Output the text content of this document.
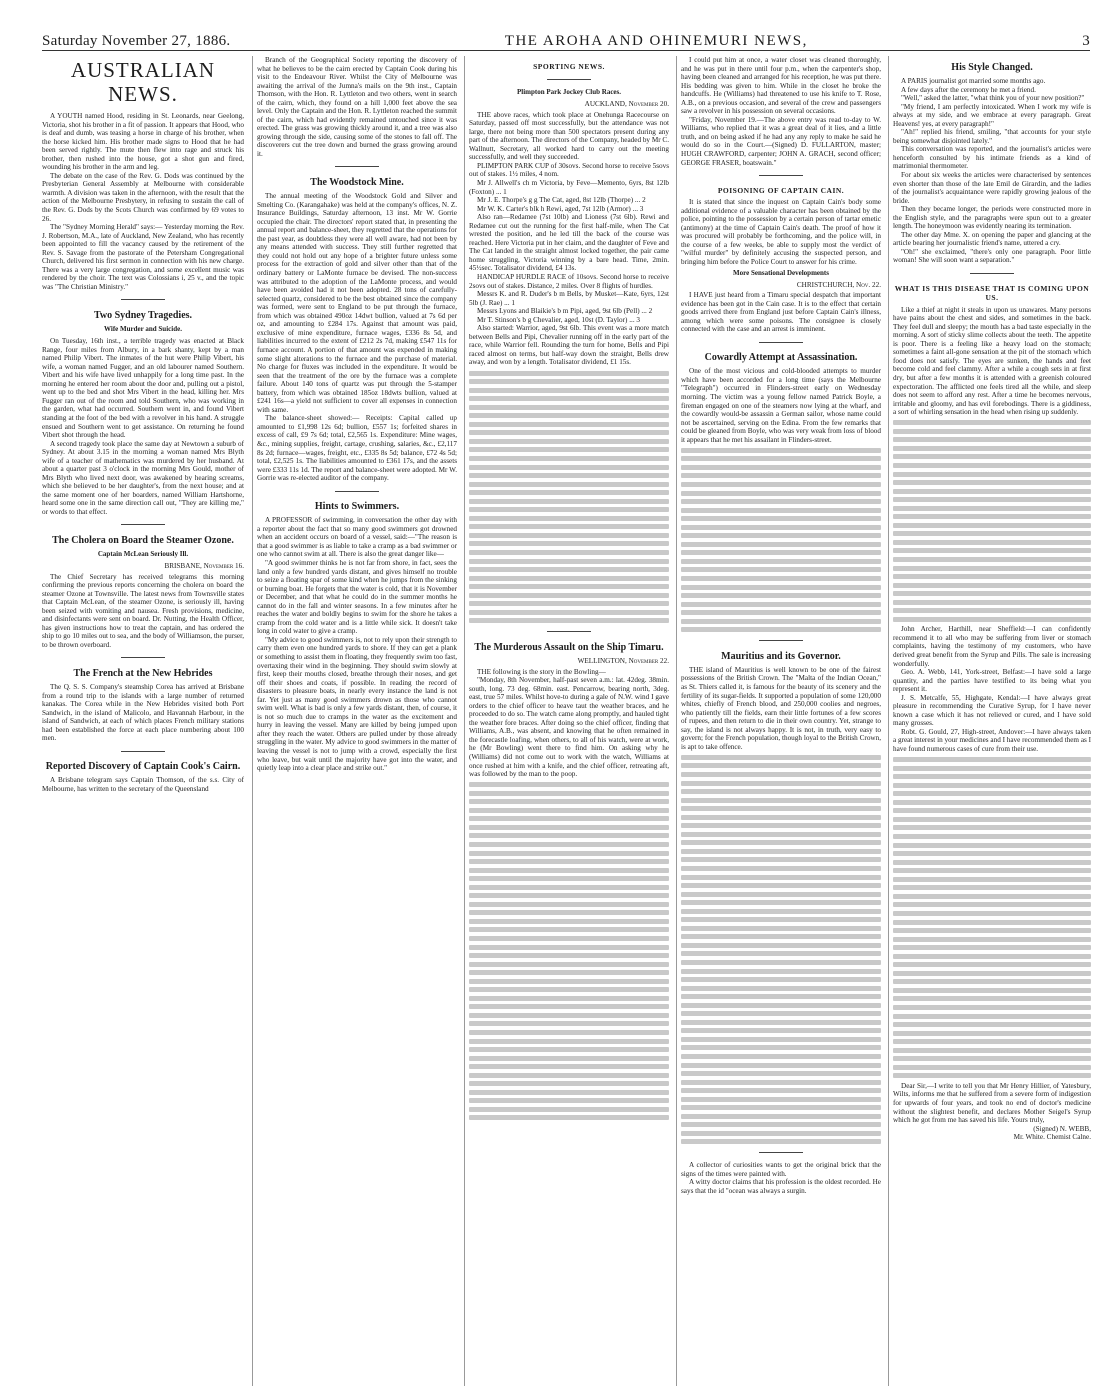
Saturday November 27, 1886.	THE AROHA AND OHINEMURI NEWS,	3
AUSTRALIAN NEWS.

A YOUTH named Hood, residing in St. Leonards, near Geelong, Victoria, shot his brother in a fit of passion. It appears that Hood, who is deaf and dumb, was teasing a horse in charge of his brother, when the horse kicked him. His brother made signs to Hood that he had been served rightly. The mute then flew into rage and struck his brother, then rushed into the house, got a shot gun and fired, wounding his brother in the arm and leg.

The debate on the case of the Rev. G. Dods was continued by the Presbyterian General Assembly at Melbourne with considerable warmth. A division was taken in the afternoon, with the result that the action of the Melbourne Presbytery, in refusing to sustain the call of the Rev. G. Dods by the Scots Church was confirmed by 69 votes to 26.

The "Sydney Morning Herald" says:— Yesterday morning the Rev. J. Robertson, M.A., late of Auckland, New Zealand, who has recently been appointed to fill the vacancy caused by the retirement of the Rev. S. Savage from the pastorate of the Petersham Congregational Church, delivered his first sermon in connection with his new charge. There was a very large congregation, and some excellent music was rendered by the choir. The text was Colossians i, 25 v., and the topic was "The Christian Ministry."

Two Sydney Tragedies.
Wife Murder and Suicide.

On Tuesday, 16th inst., a terrible tragedy was enacted at Black Range, four miles from Albury, in a bark shanty, kept by a man named Philip Vibert. The inmates of the hut were Philip Vibert, his wife, a woman named Fugger, and an old labourer named Southern. Vibert and his wife have lived unhappily for a long time past. In the morning he entered her room about the door and, pulling out a pistol, went up to the bed and shot Mrs Vibert in the head, killing her. Mrs Fugger ran out of the room and told Southern, who was working in the garden, what had occurred. Southern went in, and found Vibert standing at the foot of the bed with a revolver in his hand. A struggle ensued and Southern went to get assistance. On returning he found Vibert shot through the head.

A second tragedy took place the same day at Newtown a suburb of Sydney. At about 3.15 in the morning a woman named Mrs Blyth wife of a teacher of mathematics was murdered by her husband. At about a quarter past 3 o'clock in the morning Mrs Gould, mother of Mrs Blyth who lived next door, was awakened by hearing screams, which she believed to be her daughter's, from the next house; and at the same moment one of her boarders, named William Hartshorne, heard some one in the same direction call out, "They are killing me," or words to that effect.

The Cholera on Board the Steamer Ozone.
Captain McLean Seriously Ill.
BRISBANE, November 16.

The Chief Secretary has received telegrams this morning confirming the previous reports concerning the cholera on board the steamer Ozone at Townsville. The latest news from Townsville states that Captain McLean, of the steamer Ozone, is seriously ill, having been seized with vomiting and nausea. Fresh provisions, medicine, and disinfectants were sent on board. Dr. Nutting, the Health Officer, has given instructions how to treat the captain, and has ordered the ship to go 10 miles out to sea, and the body of Williamson, the purser, to be thrown overboard.

The French at the New Hebrides

The Q. S. S. Company's steamship Corea has arrived at Brisbane from a round trip to the islands with a large number of returned kanakas. The Corea while in the New Hebrides visited both Port Sandwich, in the island of Malicolo, and Havannah Harbour, in the island of Sandwich, at each of which places French military stations had been established the force at each place numbering about 100 men.

Reported Discovery of Captain Cook's Cairn.

A Brisbane telegram says Captain Thomson, of the s.s. City of Melbourne, has written to the secretary of the Queensland

Branch of the Geographical Society reporting the discovery of what he believes to be the cairn erected by Captain Cook during his visit to the Endeavour River. Whilst the City of Melbourne was awaiting the arrival of the Jumna's mails on the 9th inst., Captain Thomson, with the Hon. R. Lyttleton and two others, went in search of the cairn, which, they found on a hill 1,000 feet above the sea level. Only the Captain and the Hon. R. Lyttleton reached the summit of the cairn, which had evidently remained untouched since it was erected. The grass was growing thickly around it, and a tree was also growing through the side, causing some of the stones to fall off. The discoverers cut the tree down and burned the grass growing around it.

The Woodstock Mine.

The annual meeting of the Woodstock Gold and Silver and Smelting Co. (Karangahake) was held at the company's offices, N. Z. Insurance Buildings, Saturday afternoon, 13 inst. Mr W. Gorrie occupied the chair. The directors' report stated that, in presenting the annual report and balance-sheet, they regretted that the operations for the past year, as doubtless they were all well aware, had not been by any means attended with success. They still further regretted that they could not hold out any hope of a brighter future unless some process for the extraction of gold and silver other than that of the ordinary battery or LaMonte furnace be devised. The non-success was attributed to the adoption of the LaMonte process, and would have been avoided had it not been adopted. 28 tons of carefully-selected quartz, considered to be the best obtained since the company was formed, were sent to England to be put through the furnace, from which was obtained 490oz 14dwt bullion, valued at 7s 6d per oz, and amounting to £284 17s. Against that amount was paid, exclusive of mine expenditure, furnace wages, £336 8s 5d, and liabilities incurred to the extent of £212 2s 7d, making £547 11s for furnace account. A portion of that amount was expended in making some slight alterations to the furnace and the purchase of material. No charge for fluxes was included in the expenditure. It would be seen that the treatment of the ore by the furnace was a complete failure. About 140 tons of quartz was put through the 5-stamper battery, from which was obtained 185oz 18dwts bullion, valued at £241 16s—a yield not sufficient to cover all expenses in connection with same.

The balance-sheet showed:— Receipts: Capital called up amounted to £1,998 12s 6d; bullion, £557 1s; forfeited shares in excess of call, £9 7s 6d; total, £2,565 1s. Expenditure: Mine wages, &c., mining supplies, freight, cartage, crushing, salaries, &c., £2,117 8s 2d; furnace—wages, freight, etc., £335 8s 5d; balance, £72 4s 5d; total, £2,525 1s. The liabilities amounted to £361 17s, and the assets were £333 11s 1d. The report and balance-sheet were adopted. Mr W. Gorrie was re-elected auditor of the company.

Hints to Swimmers.

A PROFESSOR of swimming, in conversation the other day with a reporter about the fact that so many good swimmers got drowned when an accident occurs on board of a vessel, said:—"The reason is that a good swimmer is as liable to take a cramp as a bad swimmer or one who cannot swim at all. There is also the great danger like—

"A good swimmer thinks he is not far from shore, in fact, sees the land only a few hundred yards distant, and gives himself no trouble to seize a floating spar of some kind when he jumps from the sinking or burning boat. He forgets that the water is cold, that it is November or December, and that what he could do in the summer months he cannot do in the fall and winter seasons. In a few minutes after he reaches the water and boldly begins to swim for the shore he takes a cramp from the cold water and is a little while sick. It doesn't take long in cold water to give a cramp.

"My advice to good swimmers is, not to rely upon their strength to carry them even one hundred yards to shore. If they can get a plank or something to assist them in floating, they frequently swim too fast, overtaxing their wind in the beginning. They should swim slowly at first, keep their mouths closed, breathe through their noses, and get off their shoes and coats, if possible. In reading the record of disasters to pleasure boats, in nearly every instance the land is not far. Yet just as many good swimmers drown as those who cannot swim well. What is bad is only a few yards distant, then, of course, it is not so much due to cramps in the water as the excitement and hurry in leaving the vessel. Many are killed by being jumped upon after they reach the water. Others are pulled under by those already struggling in the water. My advice to good swimmers in the matter of leaving the vessel is not to jump with a crowd, especially the first who leave, but wait until the majority have got into the water, and quietly leap into a clear place and strike out."

SPORTING NEWS.
Plimpton Park Jockey Club Races.
AUCKLAND, November 20.

THE above races, which took place at Onehunga Racecourse on Saturday, passed off most successfully, but the attendance was not large, there not being more than 500 spectators present during any part of the afternoon. The directors of the Company, headed by Mr C. Wallnutt, Secretary, all worked hard to carry out the meeting successfully, and well they succeeded.

PLIMPTON PARK CUP of 30sovs. Second horse to receive 5sovs out of stakes. 1½ miles, 4 nom.

Mr J. Allwell's ch m Victoria, by Feve—Memento, 6yrs, 8st 12lb (Foxton) ... 1

Mr J. E. Thorpe's g g The Cat, aged, 8st 12lb (Thorpe) ... 2

Mr W. K. Carter's blk h Rewi, aged, 7st 12lb (Armor) ... 3

Also ran—Redamee (7st 10lb) and Lioness (7st 6lb). Rewi and Redamee cut out the running for the first half-mile, when The Cat wrested the position, and he led till the back of the course was reached. Here Victoria put in her claim, and the daughter of Feve and The Cat landed in the straight almost locked together, the pair came home struggling, Victoria winning by a bare head. Time, 2min. 45½sec. Totalisator dividend, £4 13s.

HANDICAP HURDLE RACE of 10sovs. Second horse to receive 2sovs out of stakes. Distance, 2 miles. Over 8 flights of hurdles.

Messrs K. and R. Duder's b m Bells, by Musket—Kate, 6yrs, 12st 5lb (J. Rae) ... 1

Messrs Lyons and Blaikie's b m Pipi, aged, 9st 6lb (Pell) ... 2

Mr T. Stinson's b g Chevalier, aged, 10st (D. Taylor) ... 3

Also started: Warrior, aged, 9st 6lb. This event was a more match between Bells and Pipi, Chevalier running off in the early part of the race, while Warrior fell. Rounding the turn for home, Bells and Pipi raced almost on terms, but half-way down the straight, Bells drew away, and won by a length. Totalisator dividend, £1 15s.

The Murderous Assault on the Ship Timaru.
WELLINGTON, November 22.

THE following is the story in the Bowling—

"Monday, 8th November, half-past seven a.m.: lat. 42deg. 38min. south, long. 73 deg. 68min. east. Pencarrow, bearing north, 3deg. east, true 57 miles. Whilst hove-to during a gale of N.W. wind I gave orders to the chief officer to heave taut the weather braces, and he proceeded to do so. The watch came along promptly, and hauled tight the weather fore braces. After doing so the chief officer, finding that Williams, A.B., was absent, and knowing that he often remained in the forecastle loafing, when others, to all of his watch, were at work, he (Mr Bowling) went there to find him. On asking why he (Williams) did not come out to work with the watch, Williams at once rushed at him with a knife, and the chief officer, retreating aft, was followed by the man to the poop.

I could put him at once, a water closet was cleaned thoroughly, and he was put in there until four p.m., when the carpenter's shop, having been cleaned and arranged for his reception, he was put there. His bedding was given to him. While in the closet he broke the handcuffs. He (Williams) had threatened to use his knife to T. Rose, A.B., on a previous occasion, and several of the crew and passengers saw a revolver in his possession on several occasions.

"Friday, November 19.—The above entry was read to-day to W. Williams, who replied that it was a great deal of it lies, and a little truth, and on being asked if he had any any reply to make he said he would do so in the Court.—(Signed) D. FULLARTON, master; HUGH CRAWFORD, carpenter; JOHN A. GRACH, second officer; GEORGE FRASER, boatswain."

POISONING OF CAPTAIN CAIN.

It is stated that since the inquest on Captain Cain's body some additional evidence of a valuable character has been obtained by the police, pointing to the possession by a certain person of tartar emetic (antimony) at the time of Captain Cain's death. The proof of how it was procured will probably be forthcoming, and the police will, in the course of a few weeks, be able to supply most the verdict of "wilful murder" by definitely accusing the suspected person, and bringing him before the Police Court to answer for his crime.

More Sensational Developments
CHRISTCHURCH, Nov. 22.

I HAVE just heard from a Timaru special despatch that important evidence has been got in the Cain case. It is to the effect that certain goods arrived there from England just before Captain Cain's illness, among which were some poisons. The consignee is closely connected with the case and an arrest is imminent.

Cowardly Attempt at Assassination.

One of the most vicious and cold-blooded attempts to murder which have been accorded for a long time (says the Melbourne "Telegraph") occurred in Flinders-street early on Wednesday morning. The victim was a young fellow named Patrick Boyle, a fireman engaged on one of the steamers now lying at the wharf, and the cowardly would-be assassin a German sailor, whose name could not be ascertained, serving on the Edina. From the few remarks that could be gleaned from Boyle, who was very weak from loss of blood it appears that he met his assailant in Flinders-street.

Mauritius and its Governor.

THE island of Mauritius is well known to be one of the fairest possessions of the British Crown. The "Malta of the Indian Ocean," as St. Thiers called it, is famous for the beauty of its scenery and the fertility of its sugar-fields. It supported a population of some 120,000 whites, chiefly of French blood, and 250,000 coolies and negroes, who patiently till the fields, earn their little fortunes of a few scores of rupees, and then return to die in their own country. Yet, strange to say, the island is not always happy. It is not, in truth, very easy to govern; for the French population, though loyal to the British Crown, is apt to take offence.

A collector of curiosities wants to get the original brick that the signs of the times were painted with.

A witty doctor claims that his profession is the oldest recorded. He says that the id "ocean was always a surgin.

His Style Changed.

A PARIS journalist got married some months ago.

A few days after the ceremony he met a friend.

"Well," asked the latter, "what think you of your new position?"

"My friend, I am perfectly intoxicated. When I work my wife is always at my side, and we embrace at every paragraph. Great Heavens! yes, at every paragraph!"

"Ah!" replied his friend, smiling, "that accounts for your style being somewhat disjointed lately."

This conversation was reported, and the journalist's articles were henceforth consulted by his intimate friends as a kind of matrimonial thermometer.

For about six weeks the articles were characterised by sentences even shorter than those of the late Emil de Girardin, and the ladies of the journalist's acquaintance were rapidly growing jealous of the bride.

Then they became longer, the periods were constructed more in the English style, and the paragraphs were spun out to a greater length. The honeymoon was evidently nearing its termination.

The other day Mme. X. on opening the paper and glancing at the article bearing her journalistic friend's name, uttered a cry.

"Oh!" she exclaimed, "there's only one paragraph. Poor little woman! She will soon want a separation."

WHAT IS THIS DISEASE THAT IS COMING UPON US.

Like a thief at night it steals in upon us unawares. Many persons have pains about the chest and sides, and sometimes in the back. They feel dull and sleepy; the mouth has a bad taste especially in the morning. A sort of sticky slime collects about the teeth. The appetite is poor. There is a feeling like a heavy load on the stomach; sometimes a faint all-gone sensation at the pit of the stomach which food does not satisfy. The eyes are sunken, the hands and feet become cold and feel clammy. After a while a cough sets in at first dry, but after a few months it is attended with a greenish coloured expectoration. The afflicted one feels tired all the while, and sleep does not seem to afford any rest. After a time he becomes nervous, irritable and gloomy, and has evil forebodings. There is a giddiness, a sort of whirling sensation in the head when rising up suddenly.

John Archer, Harthill, near Sheffield:—I can confidently recommend it to all who may be suffering from liver or stomach complaints, having the testimony of my customers, who have derived great benefit from the Syrup and Pills. The sale is increasing wonderfully.

Geo. A. Webb, 141, York-street, Belfast:—I have sold a large quantity, and the parties have testified to its being what you represent it.

J. S. Metcalfe, 55, Highgate, Kendal:—I have always great pleasure in recommending the Curative Syrup, for I have never known a case which it has not relieved or cured, and I have sold many grosses.

Robt. G. Gould, 27, High-street, Andover:—I have always taken a great interest in your medicines and I have recommended them as I have found numerous cases of cure from their use.

Dear Sir,—I write to tell you that Mr Henry Hillier, of Yatesbury, Wilts, informs me that he suffered from a severe form of indigestion for upwards of four years, and took no end of doctor's medicine without the slightest benefit, and declares Mother Seigel's Syrup which he got from me has saved his life. Yours truly,

(Signed) N. WEBB,
Mr. White. Chemist Calne.
